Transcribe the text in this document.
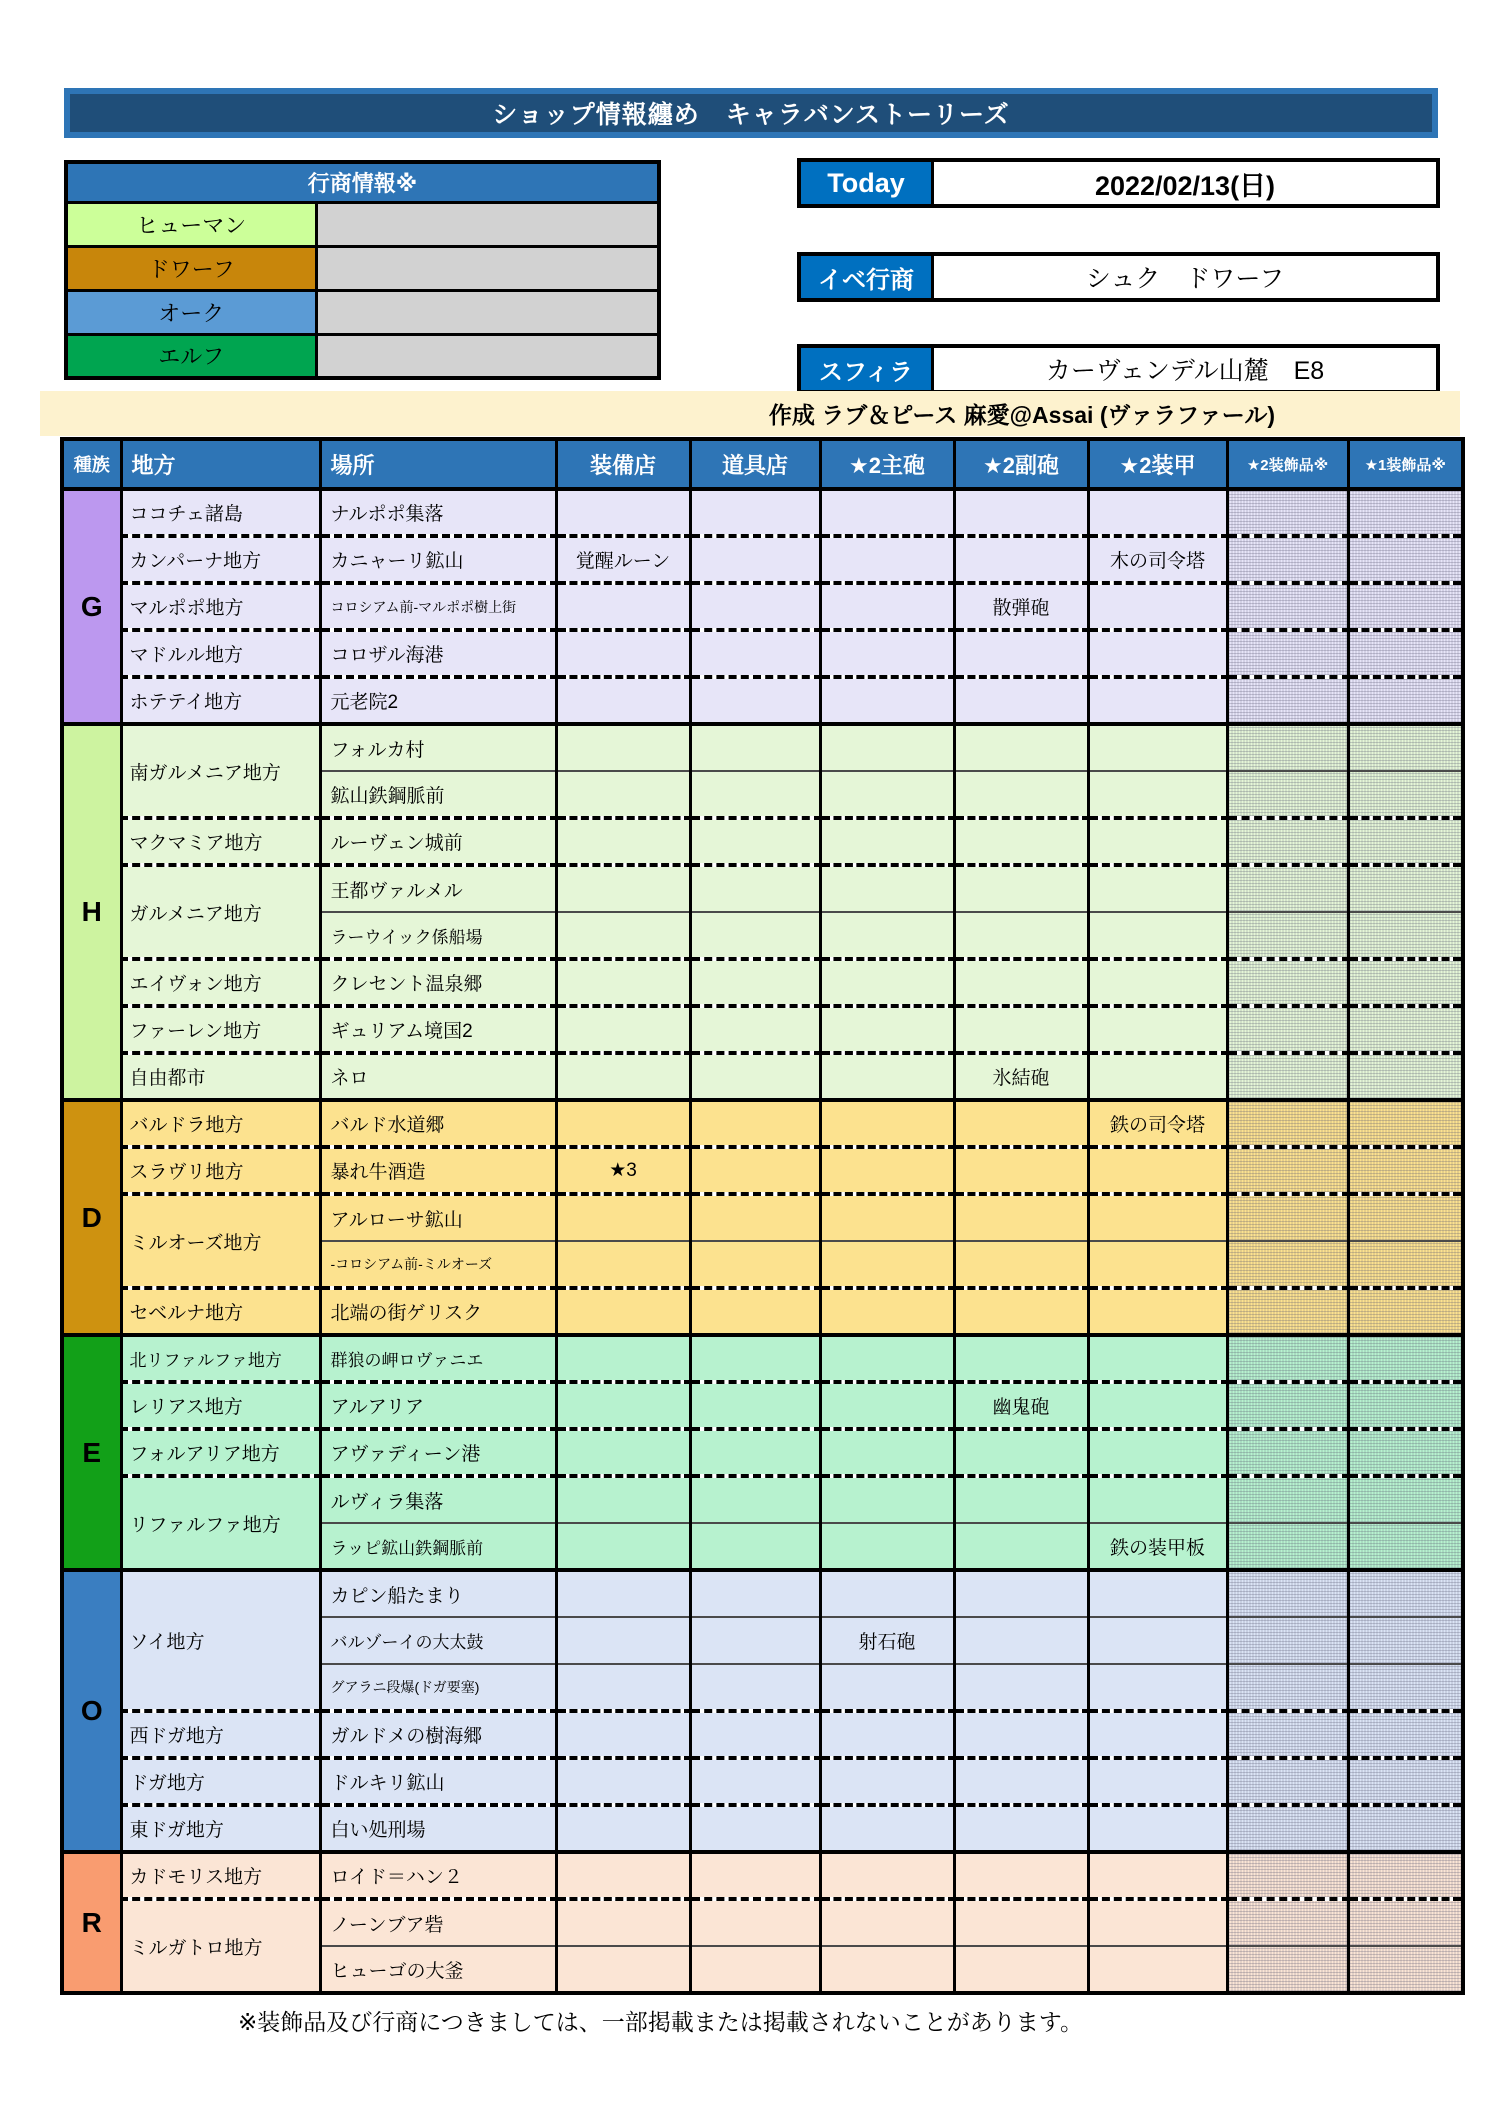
ショップ情報纏め　キャラバンストーリーズ
行商情報※	
ヒューマン	
ドワーフ	
オーク	
エルフ	
Today	2022/02/13(日)
イベ行商	シュク　ドワーフ
スフィラ	カーヴェンデル山麓　E8
作成 ラブ＆ピース 麻愛@Assai (ヴァラファール)
種族	地方	場所	装備店	道具店	★2主砲	★2副砲	★2装甲	★2装飾品※	★1装飾品※
G	ココチェ諸島	ナルポポ集落							
	カンパーナ地方	カニャーリ鉱山	覚醒ルーン				木の司令塔		
	マルポポ地方	コロシアム前-マルポポ樹上街				散弾砲			
	マドルル地方	コロザル海港							
	ホテテイ地方	元老院2							
H	南ガルメニア地方	フォルカ村							
		鉱山鉄鋼脈前							
	マクマミア地方	ルーヴェン城前							
	ガルメニア地方	王都ヴァルメル							
		ラーウイック係船場							
	エイヴォン地方	クレセント温泉郷							
	ファーレン地方	ギュリアム境国2							
	自由都市	ネロ				氷結砲			
D	バルドラ地方	バルド水道郷					鉄の司令塔		
	スラヴリ地方	暴れ牛酒造	★3						
	ミルオーズ地方	アルローサ鉱山							
		-コロシアム前-ミルオーズ							
	セベルナ地方	北端の街ゲリスク							
E	北リファルファ地方	群狼の岬ロヴァニエ							
	レリアス地方	アルアリア				幽鬼砲			
	フォルアリア地方	アヴァディーン港							
	リファルファ地方	ルヴィラ集落							
		ラッピ鉱山鉄鋼脈前					鉄の装甲板		
O	ソイ地方	カピン船たまり							
		バルゾーイの大太鼓			射石砲				
		グアラニ段爆(ドガ要塞)							
	西ドガ地方	ガルドメの樹海郷							
	ドガ地方	ドルキリ鉱山							
	東ドガ地方	白い処刑場							
R	カドモリス地方	ロイド＝ハン２							
	ミルガトロ地方	ノーンブア砦							
		ヒューゴの大釜							
※装飾品及び行商につきましては、一部掲載または掲載されないことがあります。
